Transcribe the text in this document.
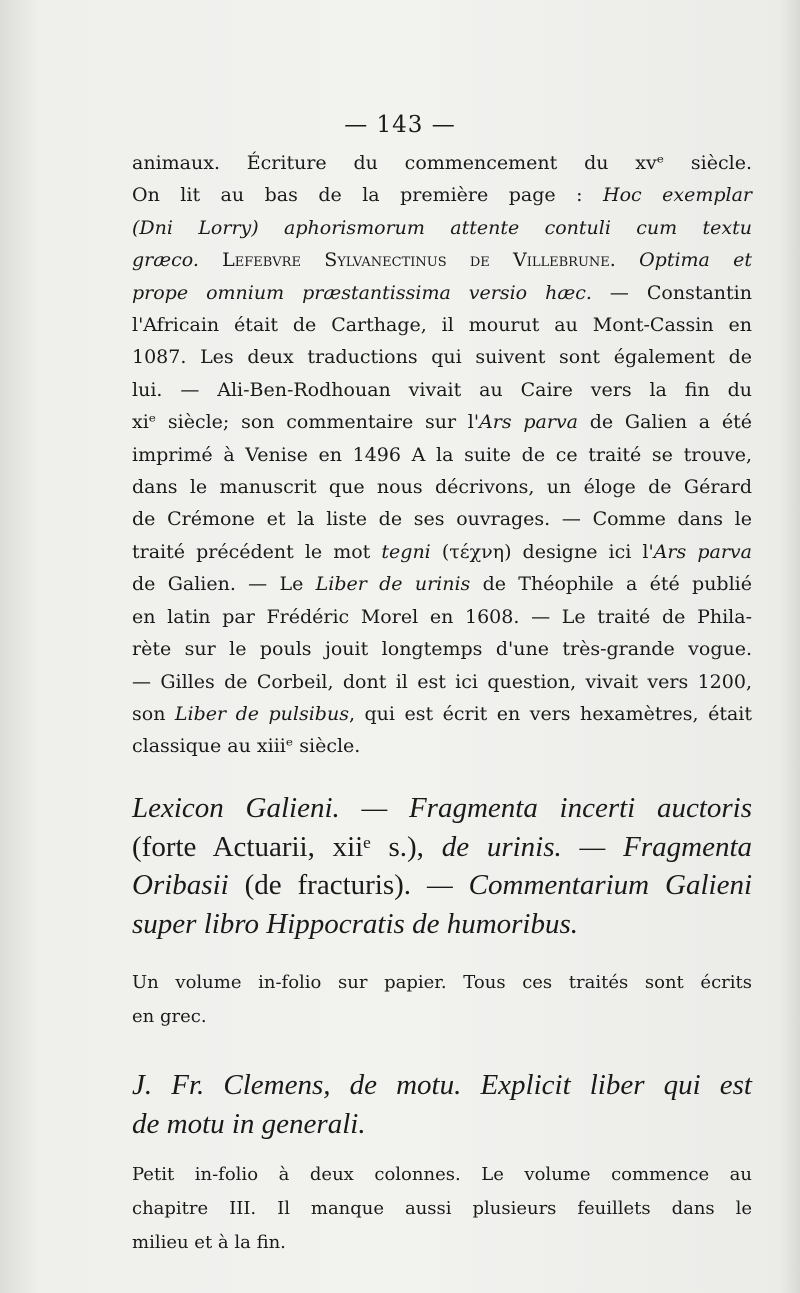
— 143 —
animaux. Écriture du commencement du xvᵉ siècle.
On lit au bas de la première page : Hoc exemplar
(Dni Lorry) aphorismorum attente contuli cum textu
græco. Lefebvre Sylvanectinus de Villebrune. Optima et
prope omnium præstantissima versio hæc. — Constantin
l'Africain était de Carthage, il mourut au Mont-Cassin en
1087. Les deux traductions qui suivent sont également de
lui. — Ali-Ben-Rodhouan vivait au Caire vers la fin du
xiᵉ siècle; son commentaire sur l'Ars parva de Galien a été
imprimé à Venise en 1496 A la suite de ce traité se trouve,
dans le manuscrit que nous décrivons, un éloge de Gérard
de Crémone et la liste de ses ouvrages. — Comme dans le
traité précédent le mot tegni (τέχνη) designe ici l'Ars parva
de Galien. — Le Liber de urinis de Théophile a été publié
en latin par Frédéric Morel en 1608. — Le traité de Phila-
rète sur le pouls jouit longtemps d'une très-grande vogue.
— Gilles de Corbeil, dont il est ici question, vivait vers 1200,
son Liber de pulsibus, qui est écrit en vers hexamètres, était
classique au xiiiᵉ siècle.
Lexicon Galieni. — Fragmenta incerti auctoris
(forte Actuarii, xiiᵉ s.), de urinis. — Fragmenta
Oribasii (de fracturis). — Commentarium Galieni
super libro Hippocratis de humoribus.
Un volume in-folio sur papier. Tous ces traités sont écrits
en grec.
J. Fr. Clemens, de motu. Explicit liber qui est
de motu in generali.
Petit in-folio à deux colonnes. Le volume commence au
chapitre III. Il manque aussi plusieurs feuillets dans le
milieu et à la fin.
